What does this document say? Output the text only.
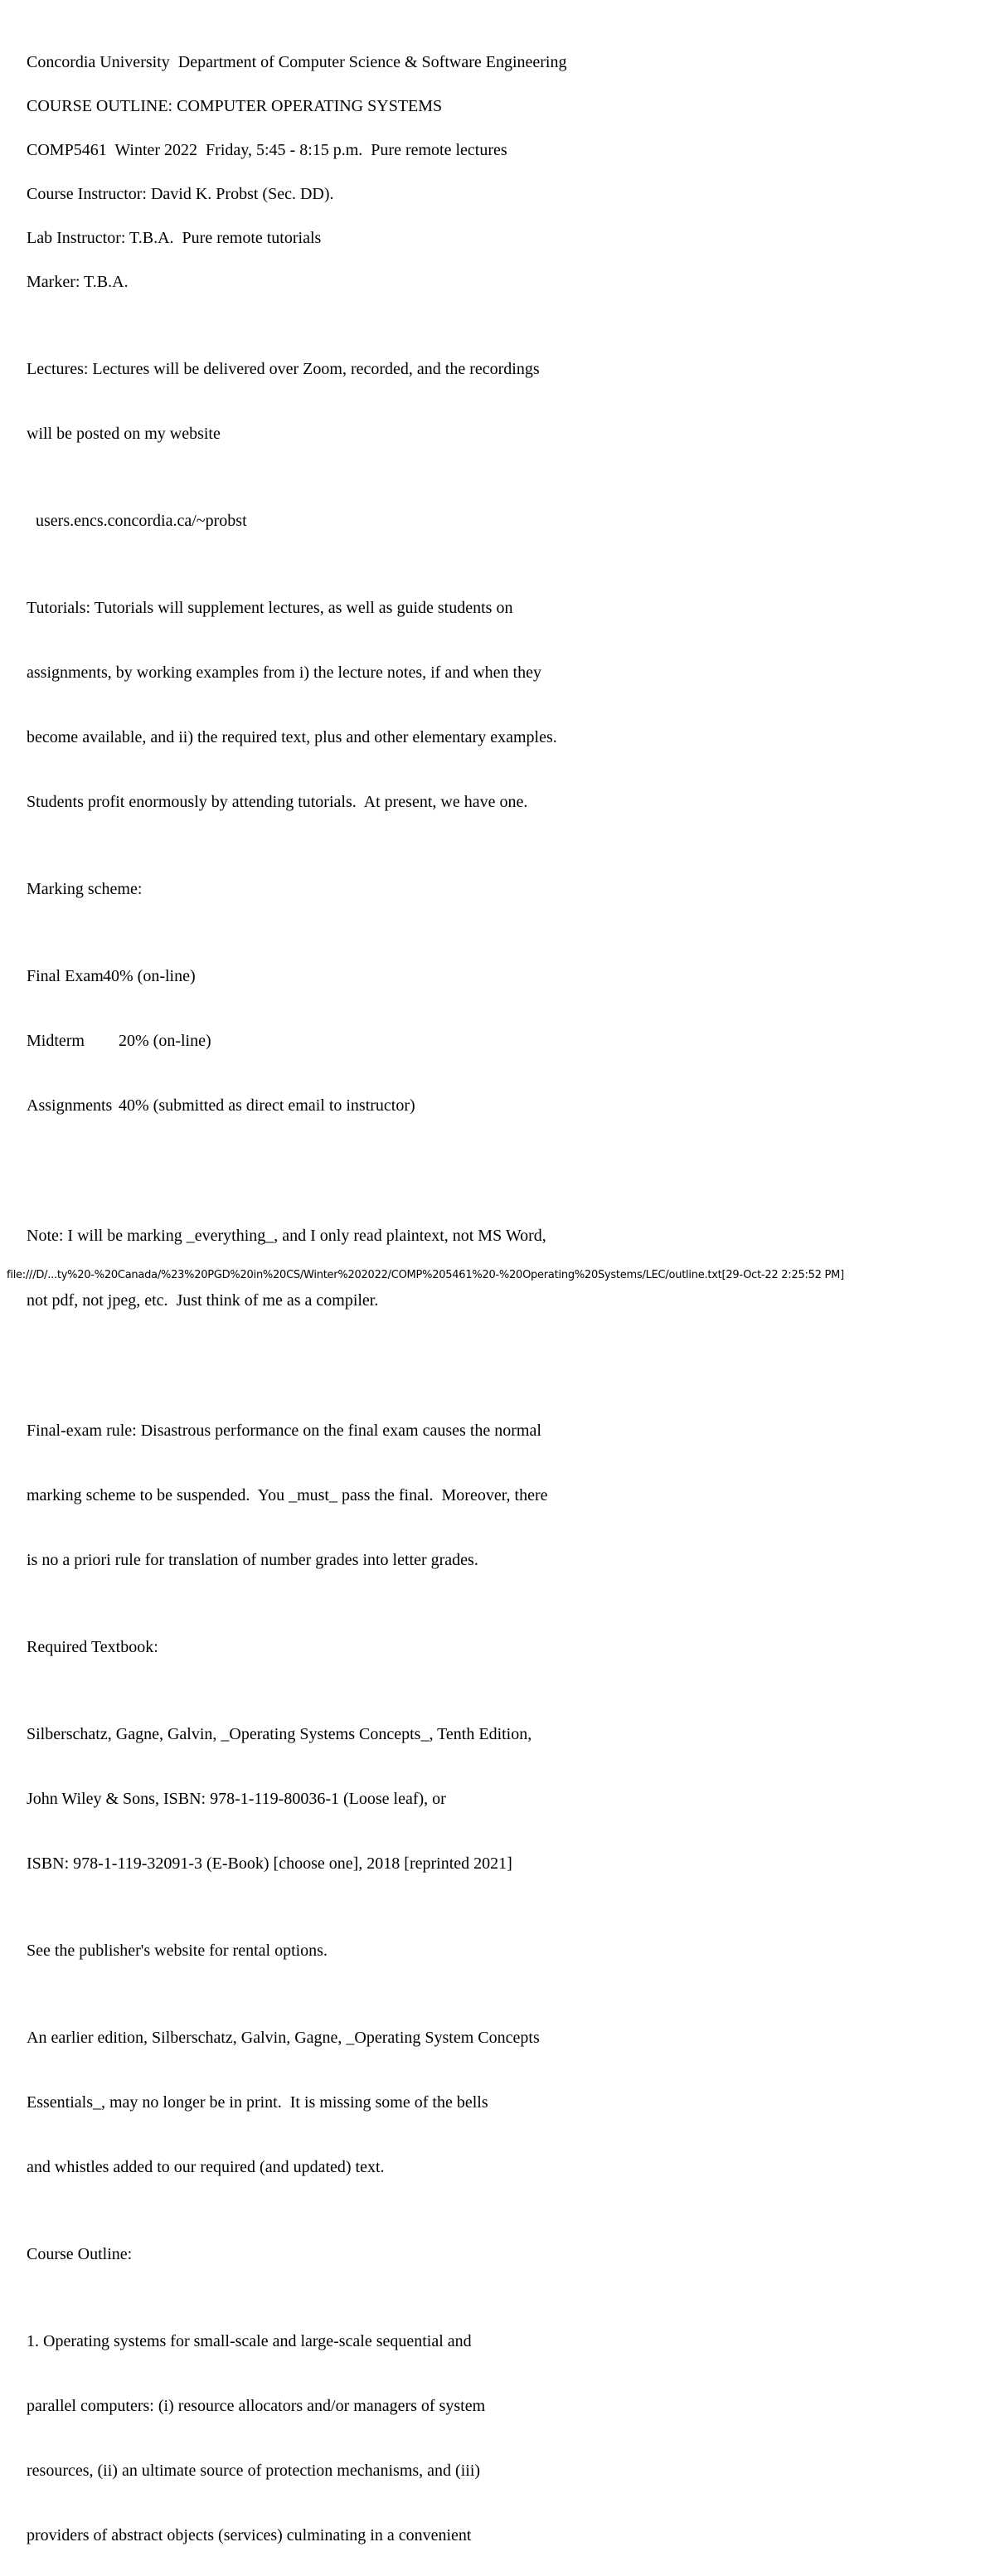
Concordia University  Department of Computer Science & Software Engineering

COURSE OUTLINE: COMPUTER OPERATING SYSTEMS

COMP5461  Winter 2022  Friday, 5:45 - 8:15 p.m.  Pure remote lectures

Course Instructor: David K. Probst (Sec. DD).

Lab Instructor: T.B.A.  Pure remote tutorials

Marker: T.B.A.

Lectures: Lectures will be delivered over Zoom, recorded, and the recordings

will be posted on my website

users.encs.concordia.ca/~probst

Tutorials: Tutorials will supplement lectures, as well as guide students on

assignments, by working examples from i) the lecture notes, if and when they

become available, and ii) the required text, plus and other elementary examples.

Students profit enormously by attending tutorials.  At present, we have one.

Marking scheme:

Final Exam40% (on-line)

Midterm 20% (on-line)

Assignments 40% (submitted as direct email to instructor)

Note: I will be marking _everything_, and I only read plaintext, not MS Word,

not pdf, not jpeg, etc.  Just think of me as a compiler.

Final-exam rule: Disastrous performance on the final exam causes the normal

marking scheme to be suspended.  You _must_ pass the final.  Moreover, there

is no a priori rule for translation of number grades into letter grades.

Required Textbook:

Silberschatz, Gagne, Galvin, _Operating Systems Concepts_, Tenth Edition,

John Wiley & Sons, ISBN: 978-1-119-80036-1 (Loose leaf), or

ISBN: 978-1-119-32091-3 (E-Book) [choose one], 2018 [reprinted 2021]

See the publisher's website for rental options.

An earlier edition, Silberschatz, Galvin, Gagne, _Operating System Concepts

Essentials_, may no longer be in print.  It is missing some of the bells

and whistles added to our required (and updated) text.

Course Outline:

1. Operating systems for small-scale and large-scale sequential and

parallel computers: (i) resource allocators and/or managers of system

resources, (ii) an ultimate source of protection mechanisms, and (iii)

providers of abstract objects (services) culminating in a convenient

file:///D/...ty%20-%20Canada/%23%20PGD%20in%20CS/Winter%202022/COMP%205461%20-%20Operating%20Systems/LEC/outline.txt[29-Oct-22 2:25:52 PM]
